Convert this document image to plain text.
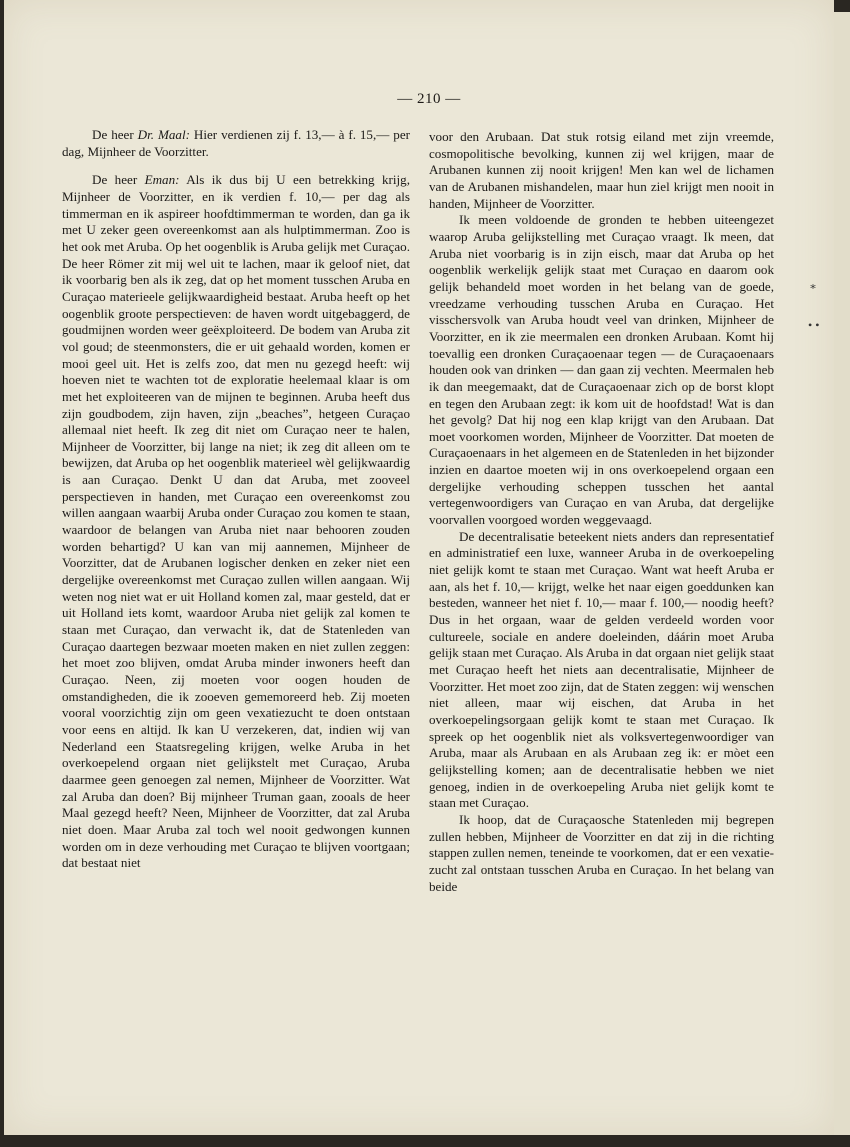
— 210 —

De heer Dr. Maal: Hier verdienen zij f. 13,— à f. 15,— per dag, Mijnheer de Voorzitter.

De heer Eman: Als ik dus bij U een betrekking krijg, Mijnheer de Voorzitter, en ik verdien f. 10,— per dag als timmerman en ik aspireer hoofdtimmerman te worden, dan ga ik met U zeker geen overeenkomst aan als hulptimmerman. Zoo is het ook met Aruba. Op het oogenblik is Aruba gelijk met Curaçao. De heer Römer zit mij wel uit te lachen, maar ik geloof niet, dat ik voorbarig ben als ik zeg, dat op het moment tusschen Aruba en Curaçao materieele gelijkwaardigheid bestaat. Aruba heeft op het oogenblik groote perspectieven: de haven wordt uitgebaggerd, de goudmijnen worden weer geëxploiteerd. De bodem van Aruba zit vol goud; de steenmonsters, die er uit gehaald worden, komen er mooi geel uit. Het is zelfs zoo, dat men nu gezegd heeft: wij hoeven niet te wachten tot de exploratie heelemaal klaar is om met het exploiteeren van de mijnen te beginnen. Aruba heeft dus zijn goudbodem, zijn haven, zijn „beaches”, hetgeen Curaçao allemaal niet heeft. Ik zeg dit niet om Curaçao neer te halen, Mijnheer de Voorzitter, bij lange na niet; ik zeg dit alleen om te bewijzen, dat Aruba op het oogenblik materieel wèl gelijkwaardig is aan Curaçao. Denkt U dan dat Aruba, met zooveel perspectieven in handen, met Curaçao een overeenkomst zou willen aangaan waarbij Aruba onder Curaçao zou komen te staan, waardoor de belangen van Aruba niet naar behooren zouden worden behartigd? U kan van mij aannemen, Mijnheer de Voorzitter, dat de Arubanen logischer denken en zeker niet een dergelijke overeenkomst met Curaçao zullen willen aangaan. Wij weten nog niet wat er uit Holland komen zal, maar gesteld, dat er uit Holland iets komt, waardoor Aruba niet gelijk zal komen te staan met Curaçao, dan verwacht ik, dat de Statenleden van Curaçao daartegen bezwaar moeten maken en niet zullen zeggen: het moet zoo blijven, omdat Aruba minder inwoners heeft dan Curaçao. Neen, zij moeten voor oogen houden de omstandigheden, die ik zooeven gememoreerd heb. Zij moeten vooral voorzichtig zijn om geen vexatiezucht te doen ontstaan voor eens en altijd. Ik kan U verzekeren, dat, indien wij van Nederland een Staatsregeling krijgen, welke Aruba in het overkoepelend orgaan niet gelijkstelt met Curaçao, Aruba daarmee geen genoegen zal nemen, Mijnheer de Voorzitter. Wat zal Aruba dan doen? Bij mijnheer Truman gaan, zooals de heer Maal gezegd heeft? Neen, Mijnheer de Voorzitter, dat zal Aruba niet doen. Maar Aruba zal toch wel nooit gedwongen kunnen worden om in deze verhouding met Curaçao te blijven voortgaan; dat bestaat niet

voor den Arubaan. Dat stuk rotsig eiland met zijn vreemde, cosmopolitische bevolking, kunnen zij wel krijgen, maar de Arubanen kunnen zij nooit krijgen! Men kan wel de lichamen van de Arubanen mishandelen, maar hun ziel krijgt men nooit in handen, Mijnheer de Voorzitter.

Ik meen voldoende de gronden te hebben uiteengezet waarop Aruba gelijkstelling met Curaçao vraagt. Ik meen, dat Aruba niet voorbarig is in zijn eisch, maar dat Aruba op het oogenblik werkelijk gelijk staat met Curaçao en daarom ook gelijk behandeld moet worden in het belang van de goede, vreedzame verhouding tusschen Aruba en Curaçao. Het visschersvolk van Aruba houdt veel van drinken, Mijnheer de Voorzitter, en ik zie meermalen een dronken Arubaan. Komt hij toevallig een dronken Curaçaoenaar tegen — de Curaçaoenaars houden ook van drinken — dan gaan zij vechten. Meermalen heb ik dan meegemaakt, dat de Curaçaoenaar zich op de borst klopt en tegen den Arubaan zegt: ik kom uit de hoofdstad! Wat is dan het gevolg? Dat hij nog een klap krijgt van den Arubaan. Dat moet voorkomen worden, Mijnheer de Voorzitter. Dat moeten de Curaçaoenaars in het algemeen en de Statenleden in het bijzonder inzien en daartoe moeten wij in ons overkoepelend orgaan een dergelijke verhouding scheppen tusschen het aantal vertegenwoordigers van Curaçao en van Aruba, dat dergelijke voorvallen voorgoed worden weggevaagd.

De decentralisatie beteekent niets anders dan representatief en administratief een luxe, wanneer Aruba in de overkoepeling niet gelijk komt te staan met Curaçao. Want wat heeft Aruba er aan, als het f. 10,— krijgt, welke het naar eigen goeddunken kan besteden, wanneer het niet f. 10,— maar f. 100,— noodig heeft? Dus in het orgaan, waar de gelden verdeeld worden voor cultureele, sociale en andere doeleinden, dáárin moet Aruba gelijk staan met Curaçao. Als Aruba in dat orgaan niet gelijk staat met Curaçao heeft het niets aan decentralisatie, Mijnheer de Voorzitter. Het moet zoo zijn, dat de Staten zeggen: wij wenschen niet alleen, maar wij eischen, dat Aruba in het overkoepelingsorgaan gelijk komt te staan met Curaçao. Ik spreek op het oogenblik niet als volksvertegenwoordiger van Aruba, maar als Arubaan en als Arubaan zeg ik: er mòet een gelijkstelling komen; aan de decentralisatie hebben we niet genoeg, indien in de overkoepeling Aruba niet gelijk komt te staan met Curaçao.

Ik hoop, dat de Curaçaosche Statenleden mij begrepen zullen hebben, Mijnheer de Voorzitter en dat zij in die richting stappen zullen nemen, teneinde te voorkomen, dat er een vexatie-zucht zal ontstaan tusschen Aruba en Curaçao. In het belang van beide

⁎
• •
